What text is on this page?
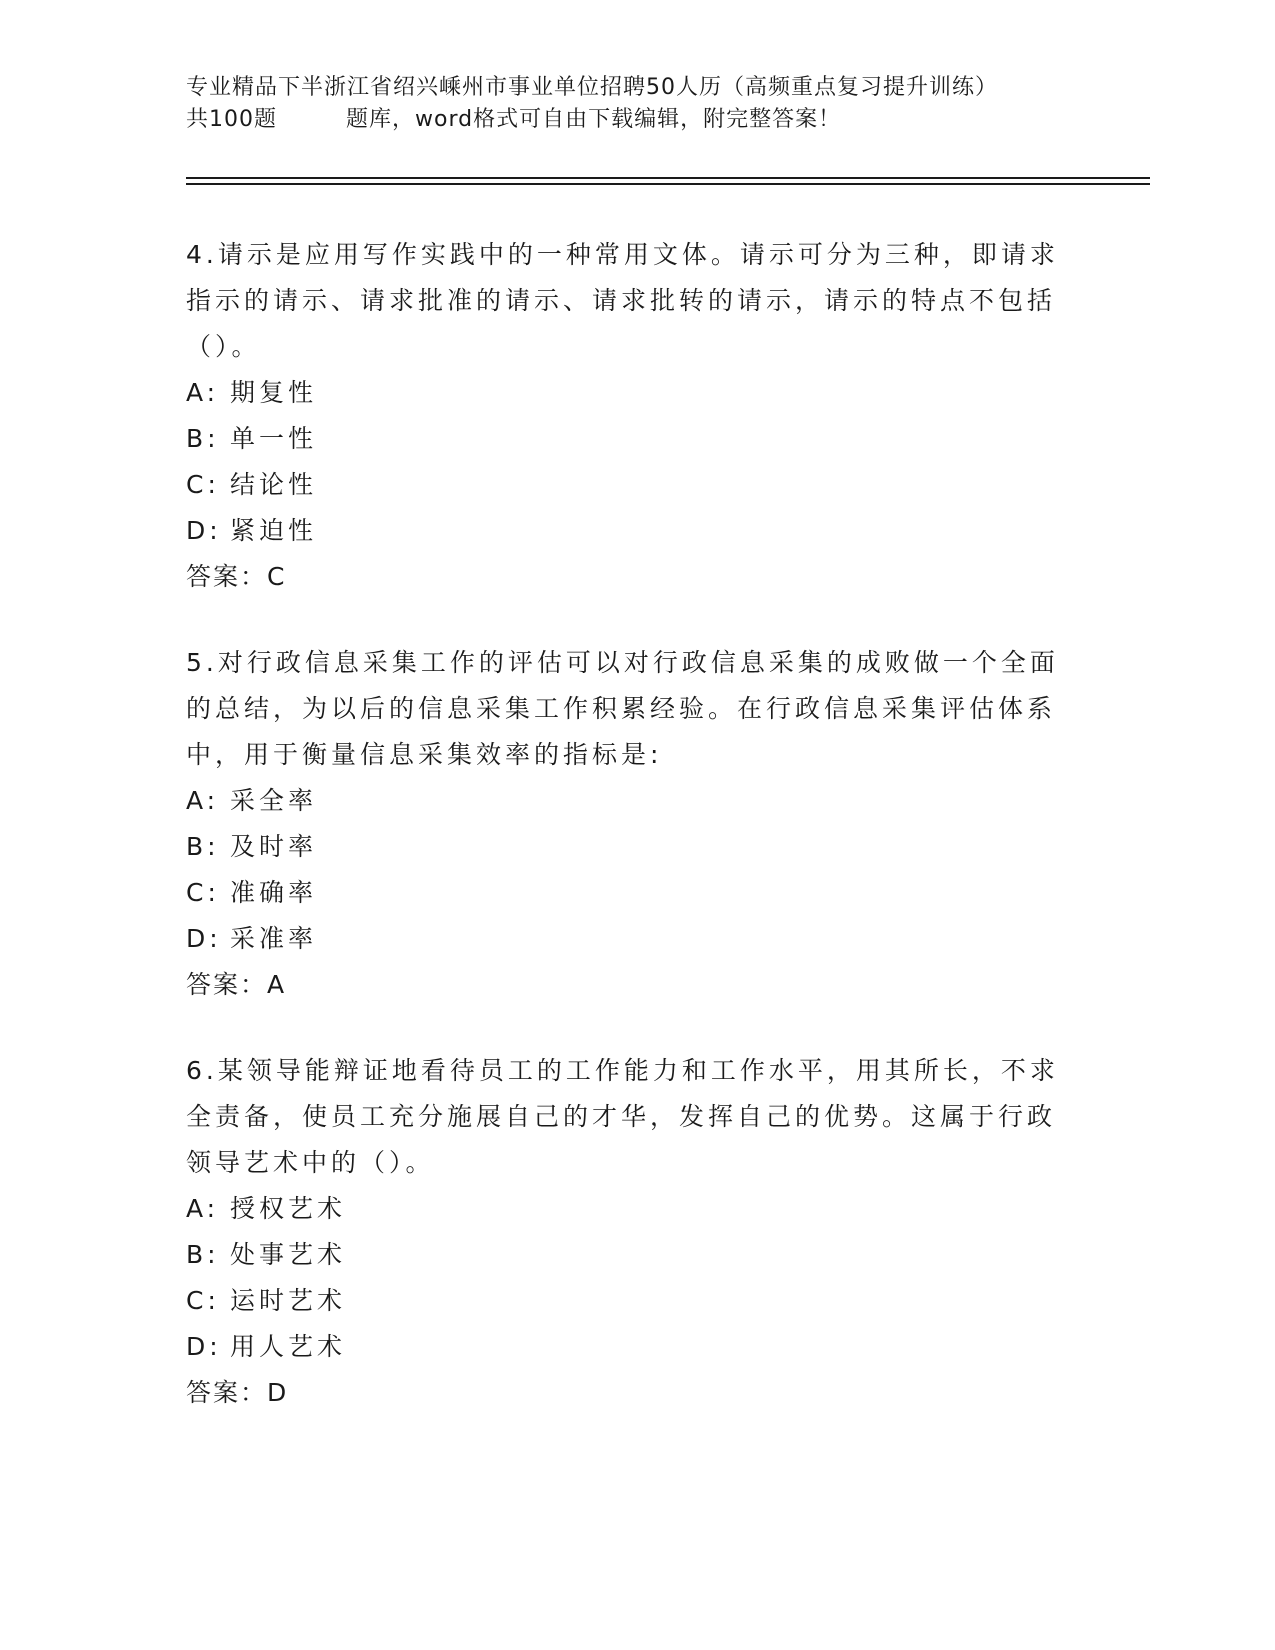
专业精品下半浙江省绍兴嵊州市事业单位招聘50人历（高频重点复习提升训练）
共100题	题库，word格式可自由下载编辑，附完整答案！

4.请示是应用写作实践中的一种常用文体。请示可分为三种，即请求指示的请示、请求批准的请示、请求批转的请示，请示的特点不包括（）。

A: 期复性
B: 单一性
C: 结论性
D: 紧迫性
答案： C

5.对行政信息采集工作的评估可以对行政信息采集的成败做一个全面的总结，为以后的信息采集工作积累经验。在行政信息采集评估体系中，用于衡量信息采集效率的指标是:

A: 采全率
B: 及时率
C: 准确率
D: 采准率
答案： A

6.某领导能辩证地看待员工的工作能力和工作水平，用其所长，不求全责备，使员工充分施展自己的才华，发挥自己的优势。这属于行政领导艺术中的（）。

A: 授权艺术
B: 处事艺术
C: 运时艺术
D: 用人艺术
答案： D
